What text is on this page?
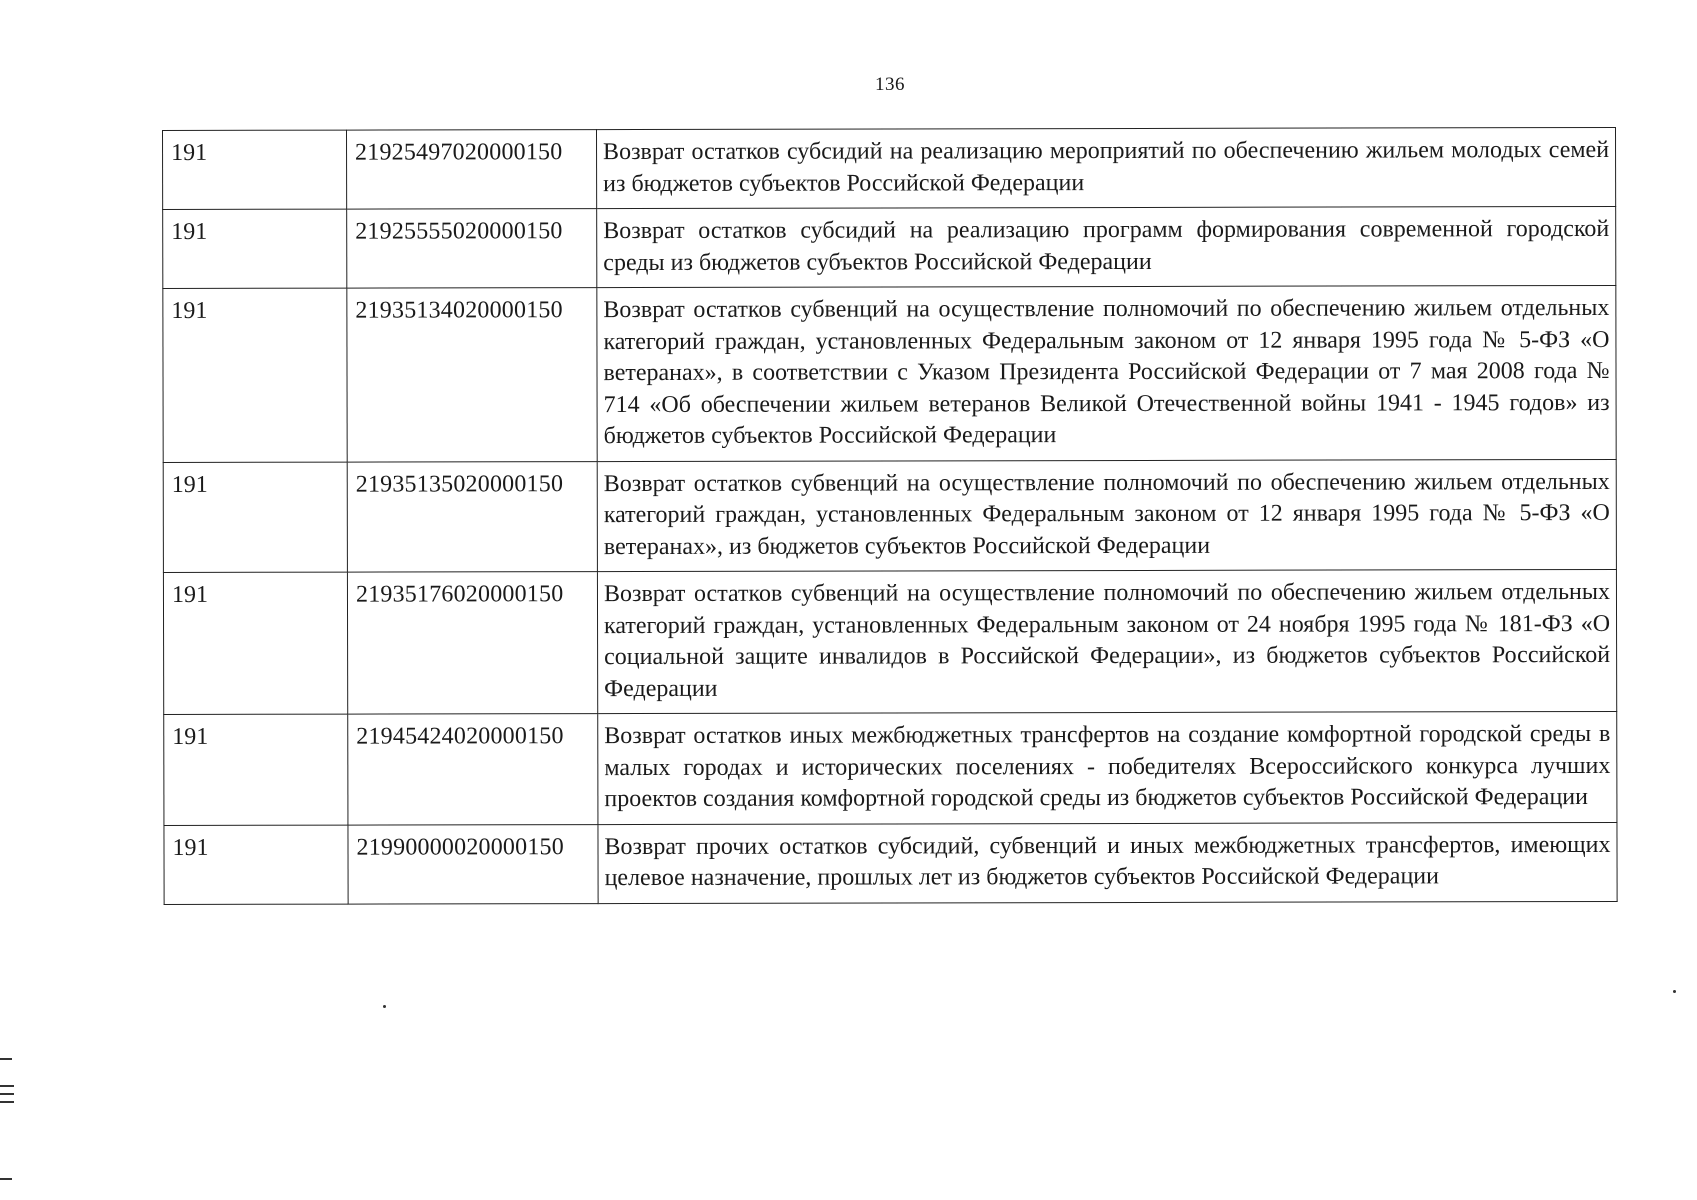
136
191	21925497020000150	Возврат остатков субсидий на реализацию мероприятий по обеспечению жильем молодых семей из бюджетов субъектов Российской Федерации
191	21925555020000150	Возврат остатков субсидий на реализацию программ формирования современной городской среды из бюджетов субъектов Российской Федерации
191	21935134020000150	Возврат остатков субвенций на осуществление полномочий по обеспечению жильем отдельных категорий граждан, установленных Федеральным законом от 12 января 1995 года № 5-ФЗ «О ветеранах», в соответствии с Указом Президента Российской Федерации от 7 мая 2008 года № 714 «Об обеспечении жильем ветеранов Великой Отечественной войны 1941 - 1945 годов» из бюджетов субъектов Российской Федерации
191	21935135020000150	Возврат остатков субвенций на осуществление полномочий по обеспечению жильем отдельных категорий граждан, установленных Федеральным законом от 12 января 1995 года № 5-ФЗ «О ветеранах», из бюджетов субъектов Российской Федерации
191	21935176020000150	Возврат остатков субвенций на осуществление полномочий по обеспечению жильем отдельных категорий граждан, установленных Федеральным законом от 24 ноября 1995 года № 181-ФЗ «О социальной защите инвалидов в Российской Федерации», из бюджетов субъектов Российской Федерации
191	21945424020000150	Возврат остатков иных межбюджетных трансфертов на создание комфортной городской среды в малых городах и исторических поселениях - победителях Всероссийского конкурса лучших проектов создания комфортной городской среды из бюджетов субъектов Российской Федерации
191	21990000020000150	Возврат прочих остатков субсидий, субвенций и иных межбюджетных трансфертов, имеющих целевое назначение, прошлых лет из бюджетов субъектов Российской Федерации
